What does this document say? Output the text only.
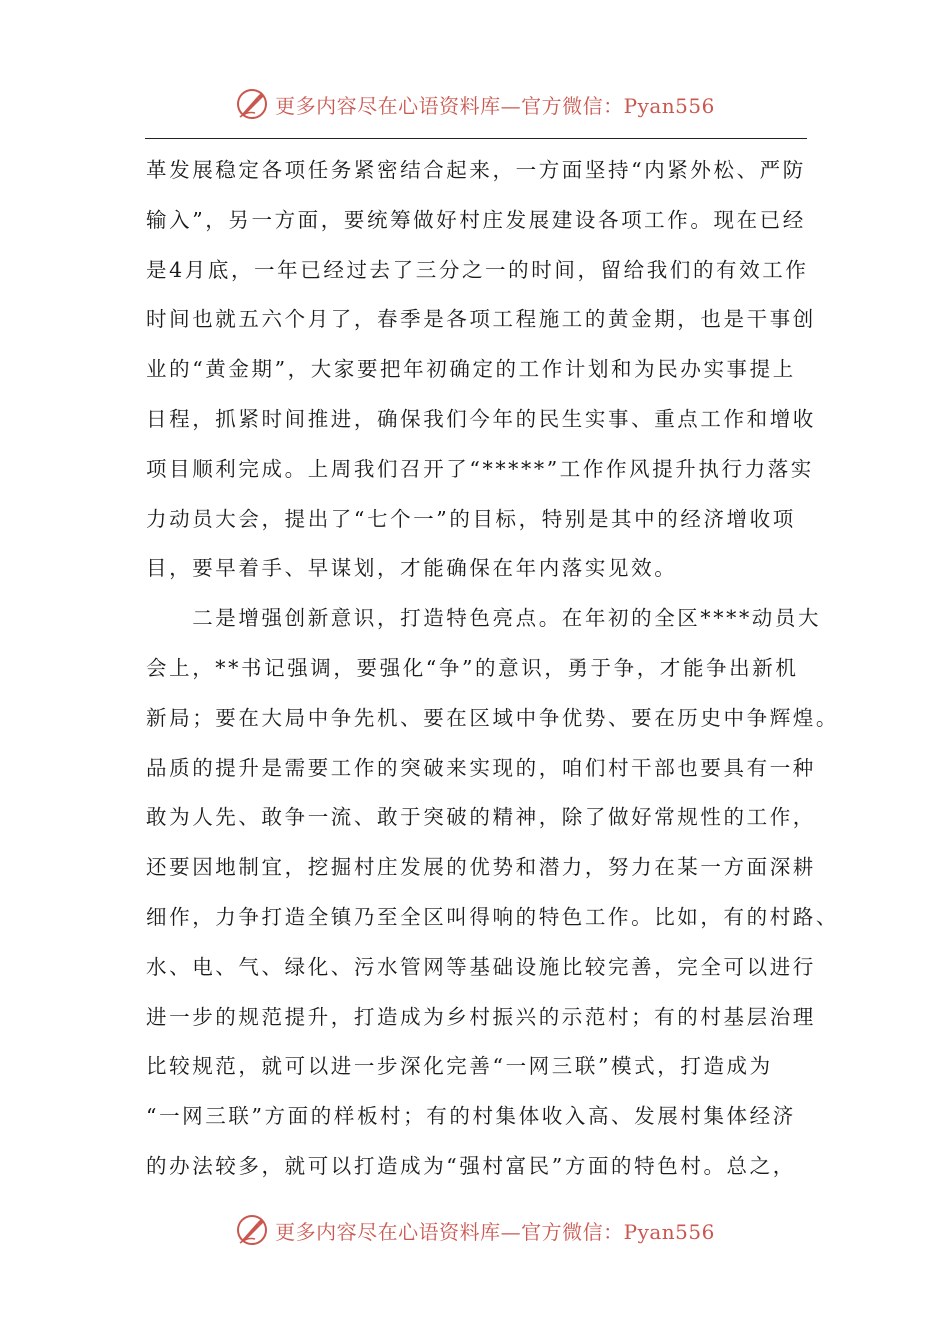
更多内容尽在心语资料库—官方微信：Pyan556
革发展稳定各项任务紧密结合起来，一方面坚持“内紧外松、严防
输入”，另一方面，要统筹做好村庄发展建设各项工作。现在已经
是4月底，一年已经过去了三分之一的时间，留给我们的有效工作
时间也就五六个月了，春季是各项工程施工的黄金期，也是干事创
业的“黄金期”，大家要把年初确定的工作计划和为民办实事提上
日程，抓紧时间推进，确保我们今年的民生实事、重点工作和增收
项目顺利完成。上周我们召开了“*****”工作作风提升执行力落实
力动员大会，提出了“七个一”的目标，特别是其中的经济增收项
目，要早着手、早谋划，才能确保在年内落实见效。
　　二是增强创新意识，打造特色亮点。在年初的全区****动员大
会上，**书记强调，要强化“争”的意识，勇于争，才能争出新机
新局；要在大局中争先机、要在区域中争优势、要在历史中争辉煌。
品质的提升是需要工作的突破来实现的，咱们村干部也要具有一种
敢为人先、敢争一流、敢于突破的精神，除了做好常规性的工作，
还要因地制宜，挖掘村庄发展的优势和潜力，努力在某一方面深耕
细作，力争打造全镇乃至全区叫得响的特色工作。比如，有的村路、
水、电、气、绿化、污水管网等基础设施比较完善，完全可以进行
进一步的规范提升，打造成为乡村振兴的示范村；有的村基层治理
比较规范，就可以进一步深化完善“一网三联”模式，打造成为
“一网三联”方面的样板村；有的村集体收入高、发展村集体经济
的办法较多，就可以打造成为“强村富民”方面的特色村。总之，
更多内容尽在心语资料库—官方微信：Pyan556
